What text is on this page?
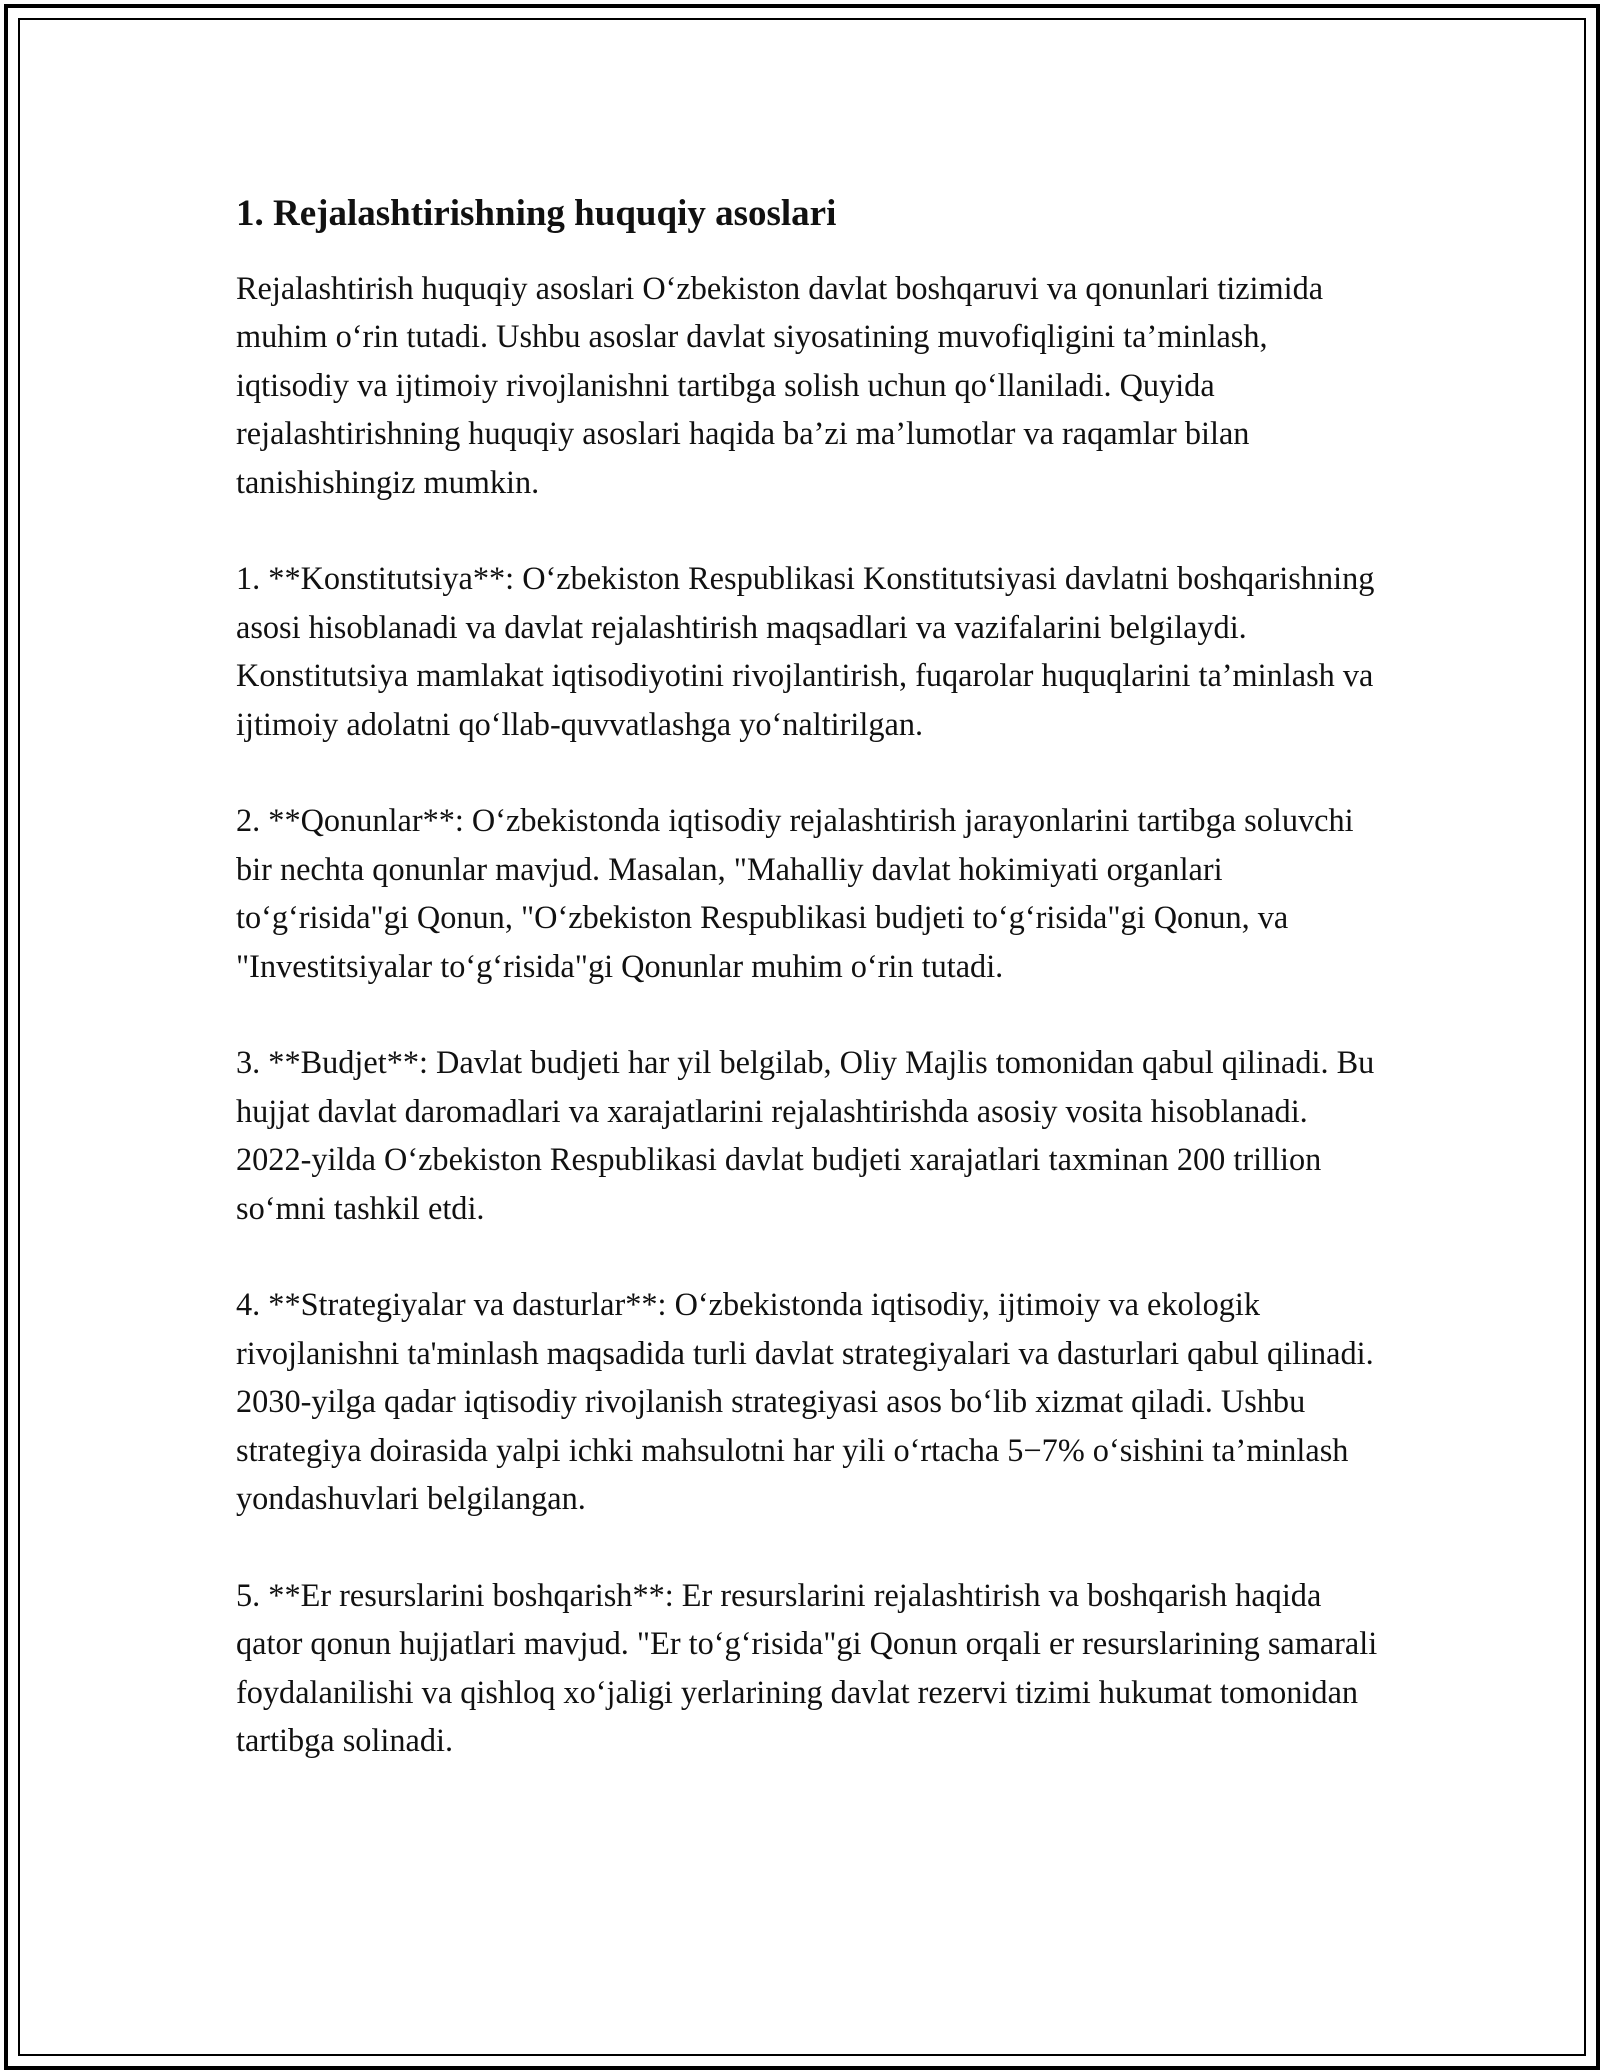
1. Rejalashtirishning huquqiy asoslari

Rejalashtirish huquqiy asoslari O‘zbekiston davlat boshqaruvi va qonunlari tizimida muhim o‘rin tutadi. Ushbu asoslar davlat siyosatining muvofiqligini ta’minlash, iqtisodiy va ijtimoiy rivojlanishni tartibga solish uchun qo‘llaniladi. Quyida rejalashtirishning huquqiy asoslari haqida ba’zi ma’lumotlar va raqamlar bilan tanishishingiz mumkin.

1. **Konstitutsiya**: O‘zbekiston Respublikasi Konstitutsiyasi davlatni boshqarishning asosi hisoblanadi va davlat rejalashtirish maqsadlari va vazifalarini belgilaydi. Konstitutsiya mamlakat iqtisodiyotini rivojlantirish, fuqarolar huquqlarini ta’minlash va ijtimoiy adolatni qo‘llab-quvvatlashga yo‘naltirilgan.

2. **Qonunlar**: O‘zbekistonda iqtisodiy rejalashtirish jarayonlarini tartibga soluvchi bir nechta qonunlar mavjud. Masalan, "Mahalliy davlat hokimiyati organlari to‘g‘risida"gi Qonun, "O‘zbekiston Respublikasi budjeti to‘g‘risida"gi Qonun, va "Investitsiyalar to‘g‘risida"gi Qonunlar muhim o‘rin tutadi.

3. **Budjet**: Davlat budjeti har yil belgilab, Oliy Majlis tomonidan qabul qilinadi. Bu hujjat davlat daromadlari va xarajatlarini rejalashtirishda asosiy vosita hisoblanadi. 2022-yilda O‘zbekiston Respublikasi davlat budjeti xarajatlari taxminan 200 trillion so‘mni tashkil etdi.

4. **Strategiyalar va dasturlar**: O‘zbekistonda iqtisodiy, ijtimoiy va ekologik rivojlanishni ta'minlash maqsadida turli davlat strategiyalari va dasturlari qabul qilinadi. 2030-yilga qadar iqtisodiy rivojlanish strategiyasi asos bo‘lib xizmat qiladi. Ushbu strategiya doirasida yalpi ichki mahsulotni har yili o‘rtacha 5−7% o‘sishini ta’minlash yondashuvlari belgilangan.

5. **Er resurslarini boshqarish**: Er resurslarini rejalashtirish va boshqarish haqida qator qonun hujjatlari mavjud. "Er to‘g‘risida"gi Qonun orqali er resurslarining samarali foydalanilishi va qishloq xo‘jaligi yerlarining davlat rezervi tizimi hukumat tomonidan tartibga solinadi.
